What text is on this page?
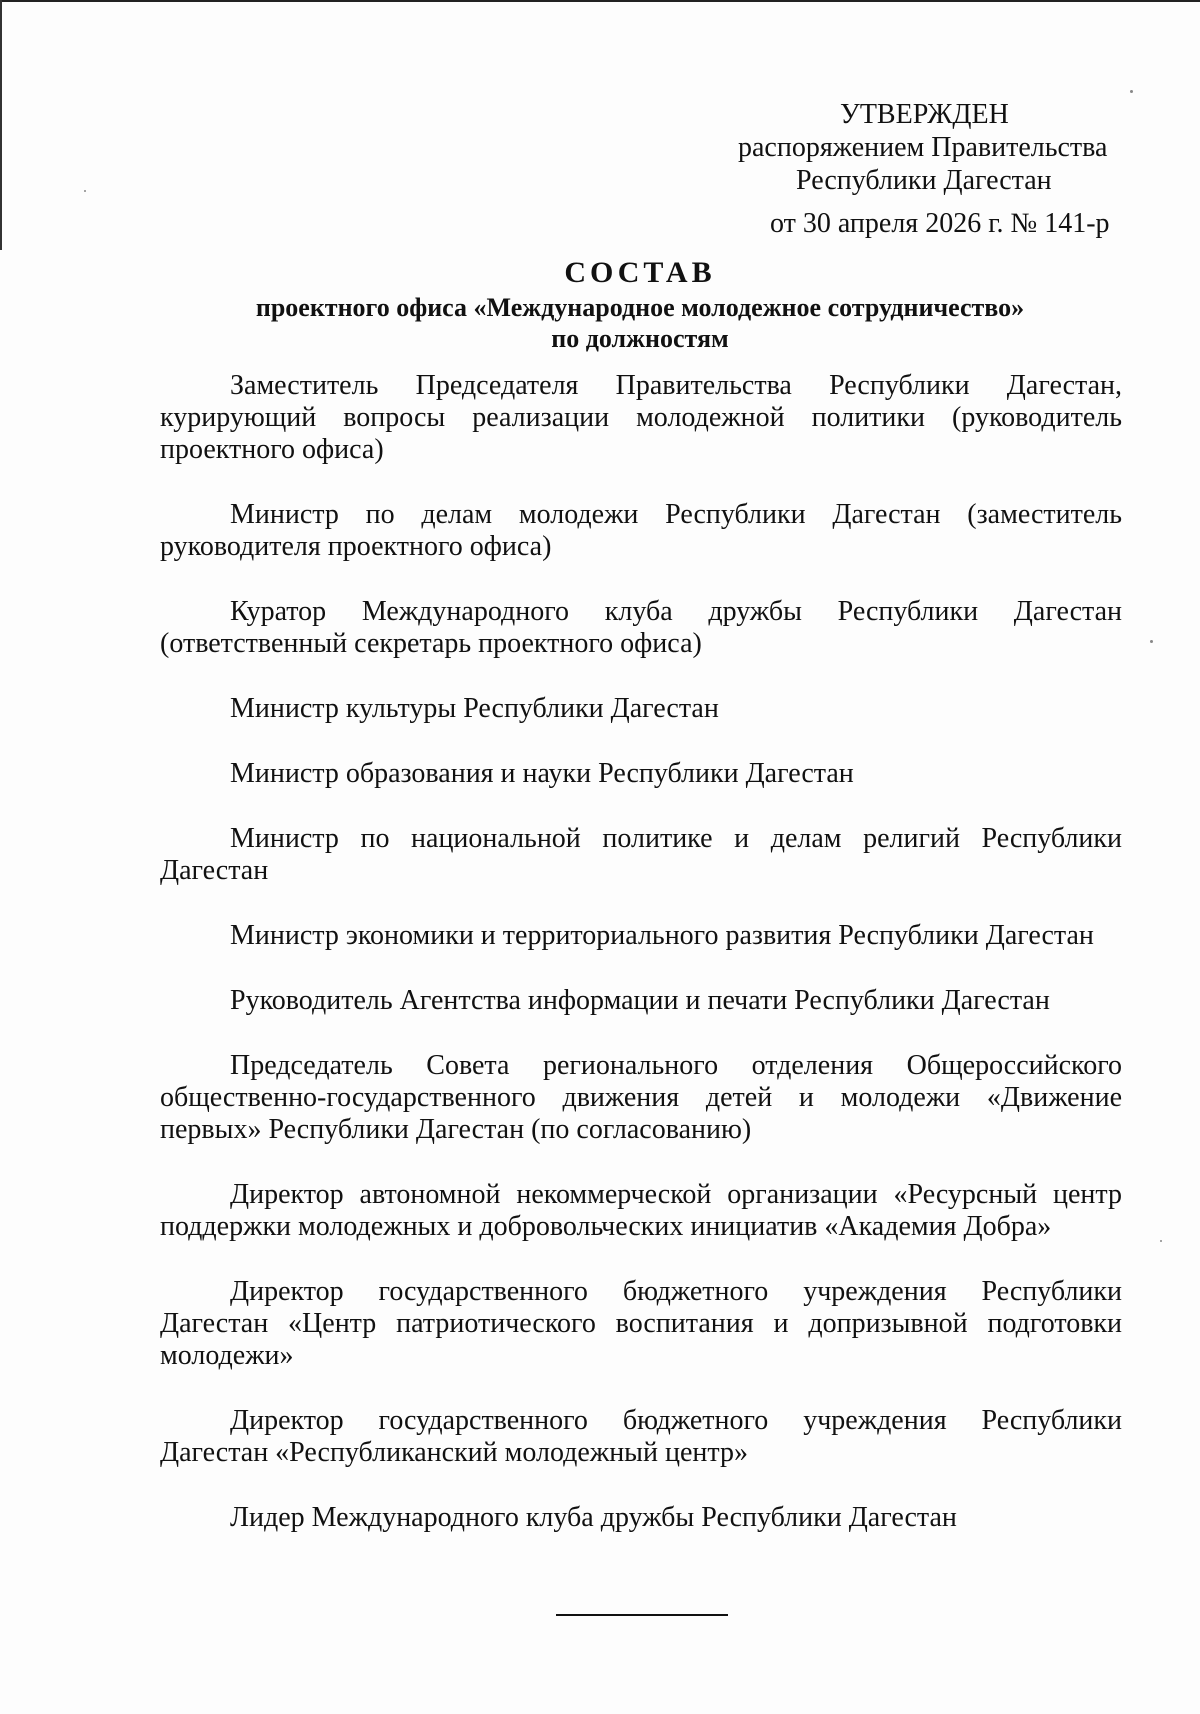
УТВЕРЖДЕН
распоряжением Правительства
Республики Дагестан
от 30 апреля 2026 г. № 141-р
СОСТАВ
проектного офиса «Международное молодежное сотрудничество»
по должностям

Заместитель Председателя Правительства Республики Дагестан, курирующий вопросы реализации молодежной политики (руководитель проектного офиса)

Министр по делам молодежи Республики Дагестан (заместитель руководителя проектного офиса)

Куратор Международного клуба дружбы Республики Дагестан (ответственный секретарь проектного офиса)

Министр культуры Республики Дагестан

Министр образования и науки Республики Дагестан

Министр по национальной политике и делам религий Республики Дагестан

Министр экономики и территориального развития Республики Дагестан

Руководитель Агентства информации и печати Республики Дагестан

Председатель Совета регионального отделения Общероссийского общественно-государственного движения детей и молодежи «Движение первых» Республики Дагестан (по согласованию)

Директор автономной некоммерческой организации «Ресурсный центр поддержки молодежных и добровольческих инициатив «Академия Добра»

Директор государственного бюджетного учреждения Республики Дагестан «Центр патриотического воспитания и допризывной подготовки молодежи»

Директор государственного бюджетного учреждения Республики Дагестан «Республиканский молодежный центр»

Лидер Международного клуба дружбы Республики Дагестан
